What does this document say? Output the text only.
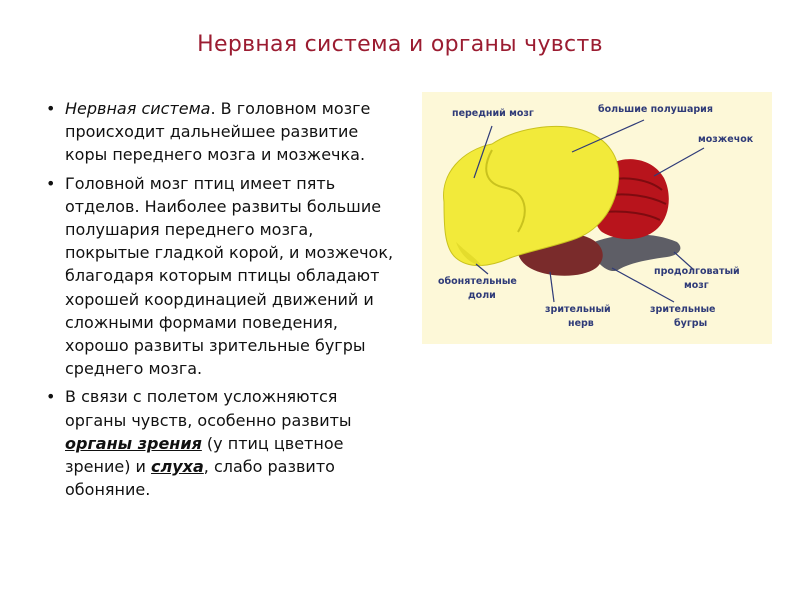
Нервная система и органы чувств
• Нервная система. В головном мозге происходит дальнейшее развитие коры переднего мозга и мозжечка.
• Головной мозг птиц имеет пять отделов. Наиболее развиты большие полушария переднего мозга, покрытые гладкой корой, и мозжечок, благодаря которым птицы обладают хорошей координацией движений и сложными формами поведения, хорошо развиты зрительные бугры среднего мозга.
• В связи с полетом усложняются органы чувств, особенно развиты органы зрения (у птиц цветное зрение) и слуха, слабо развито обоняние.
передний мозг	большие полушария
мозжечок
обонятельные
доли
зрительный
нерв
зрительные
бугры
продолговатый
мозг
